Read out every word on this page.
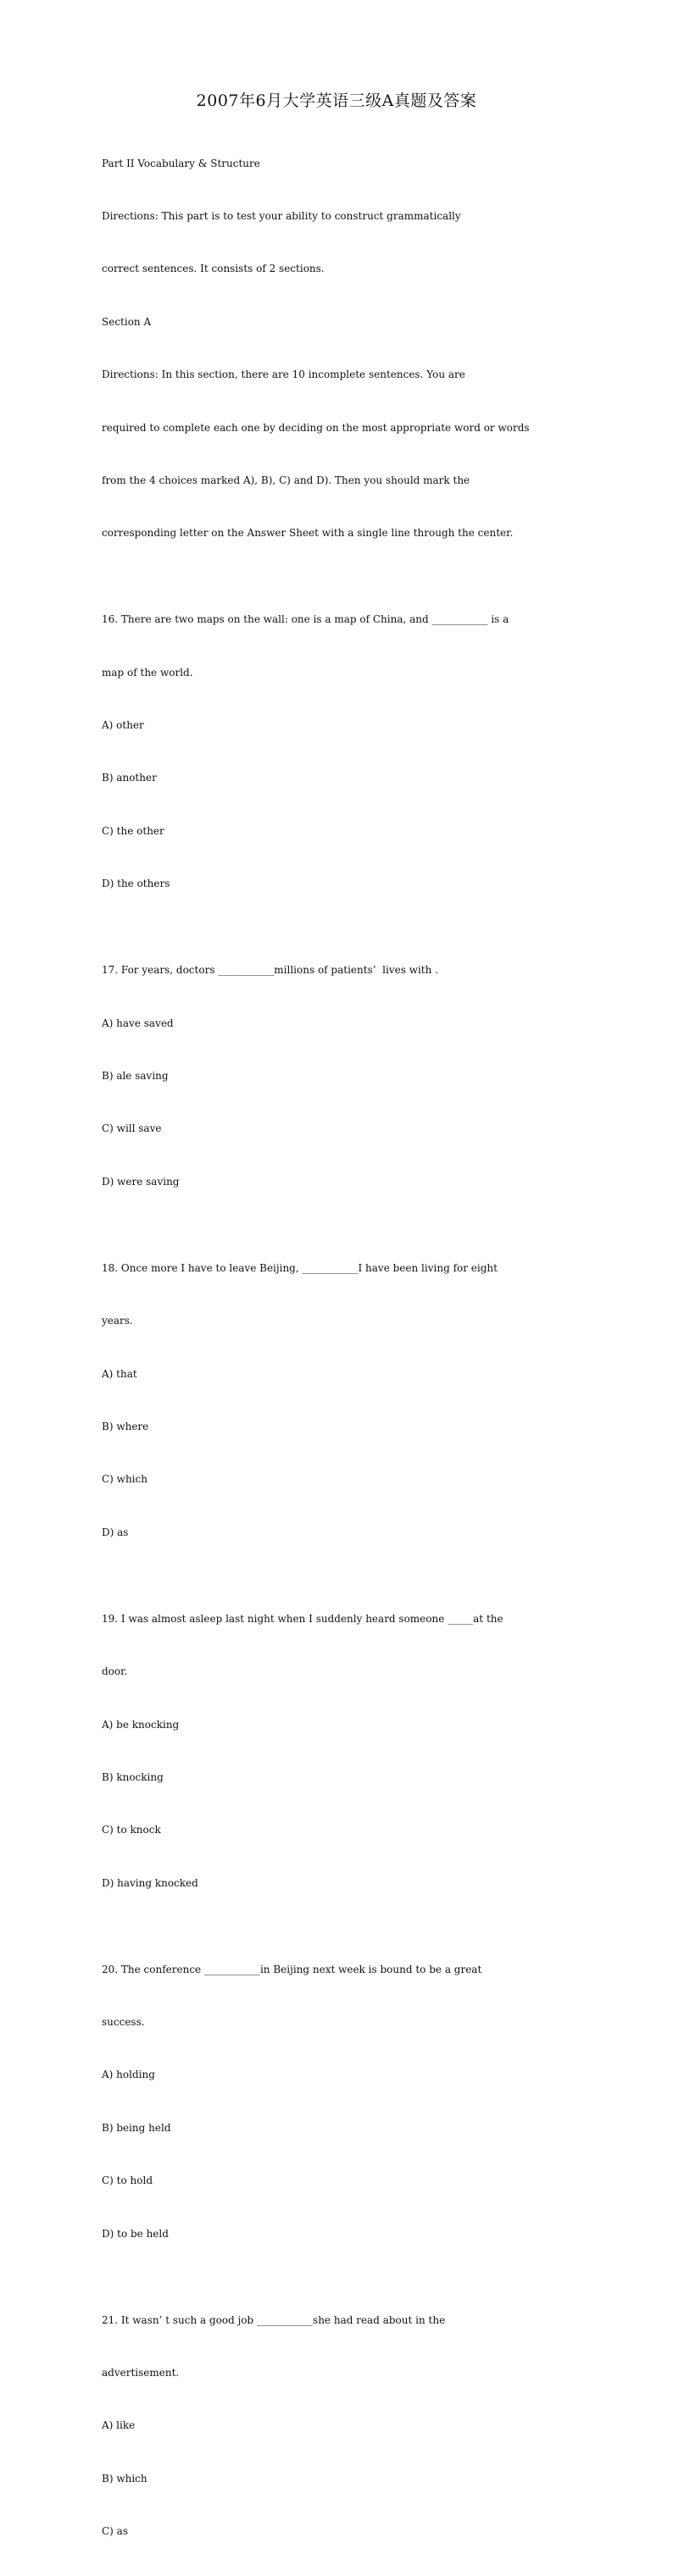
2007年6月大学英语三级A真题及答案

Part II Vocabulary & Structure

Directions: This part is to test your ability to construct grammatically

correct sentences. It consists of 2 sections.

Section A

Directions: In this section, there are 10 incomplete sentences. You are

required to complete each one by deciding on the most appropriate word or words

from the 4 choices marked A), B), C) and D). Then you should mark the

corresponding letter on the Answer Sheet with a single line through the center.

16. There are two maps on the wall: one is a map of China, and ___________ is a

map of the world.

A) other

B) another

C) the other

D) the others

17. For years, doctors ___________millions of patients’  lives with .

A) have saved

B) ale saving

C) will save

D) were saving

18. Once more I have to leave Beijing, ___________I have been living for eight

years.

A) that

B) where

C) which

D) as

19. I was almost asleep last night when I suddenly heard someone _____at the

door.

A) be knocking

B) knocking

C) to knock

D) having knocked

20. The conference ___________in Beijing next week is bound to be a great

success.

A) holding

B) being held

C) to hold

D) to be held

21. It wasn’ t such a good job ___________she had read about in the

advertisement.

A) like

B) which

C) as
